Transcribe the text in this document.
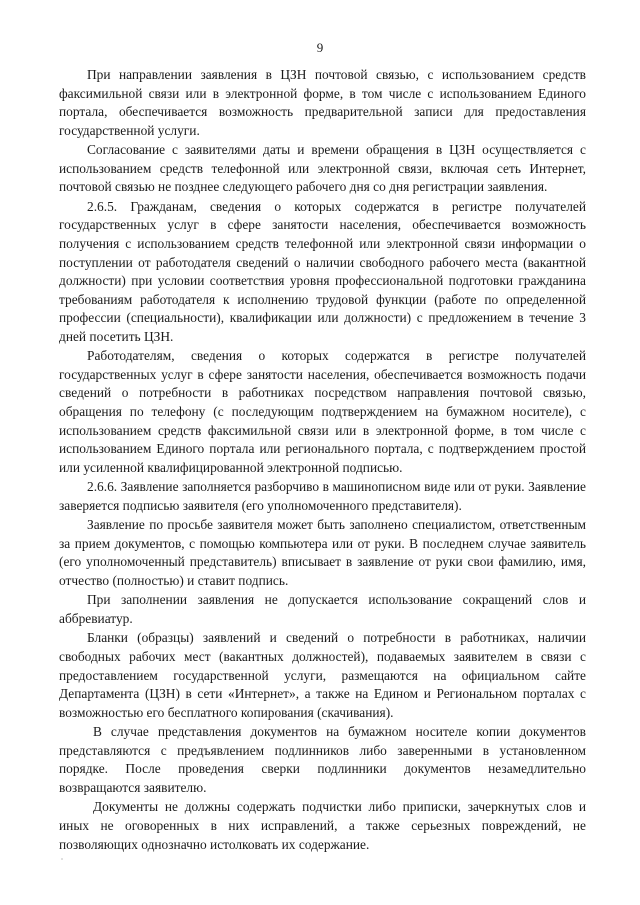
9

При направлении заявления в ЦЗН почтовой связью, с использованием средств факсимильной связи или в электронной форме, в том числе с использованием Единого портала, обеспечивается возможность предварительной записи для предоставления государственной услуги.

Согласование с заявителями даты и времени обращения в ЦЗН осуществляется с использованием средств телефонной или электронной связи, включая сеть Интернет, почтовой связью не позднее следующего рабочего дня со дня регистрации заявления.

2.6.5. Гражданам, сведения о которых содержатся в регистре получателей государственных услуг в сфере занятости населения, обеспечивается возможность получения с использованием средств телефонной или электронной связи информации о поступлении от работодателя сведений о наличии свободного рабочего места (вакантной должности) при условии соответствия уровня профессиональной подготовки гражданина требованиям работодателя к исполнению трудовой функции (работе по определенной профессии (специальности), квалификации или должности) с предложением в течение 3 дней посетить ЦЗН.

Работодателям, сведения о которых содержатся в регистре получателей государственных услуг в сфере занятости населения, обеспечивается возможность подачи сведений о потребности в работниках посредством направления почтовой связью, обращения по телефону (с последующим подтверждением на бумажном носителе), с использованием средств факсимильной связи или в электронной форме, в том числе с использованием Единого портала или регионального портала, с подтверждением простой или усиленной квалифицированной электронной подписью.

2.6.6. Заявление заполняется разборчиво в машинописном виде или от руки. Заявление заверяется подписью заявителя (его уполномоченного представителя).

Заявление по просьбе заявителя может быть заполнено специалистом, ответственным за прием документов, с помощью компьютера или от руки. В последнем случае заявитель (его уполномоченный представитель) вписывает в заявление от руки свои фамилию, имя, отчество (полностью) и ставит подпись.

При заполнении заявления не допускается использование сокращений слов и аббревиатур.

Бланки (образцы) заявлений и сведений о потребности в работниках, наличии свободных рабочих мест (вакантных должностей), подаваемых заявителем в связи с предоставлением государственной услуги, размещаются на официальном сайте Департамента (ЦЗН) в сети «Интернет», а также на Едином и Региональном порталах с возможностью его бесплатного копирования (скачивания).

В случае представления документов на бумажном носителе копии документов представляются с предъявлением подлинников либо заверенными в установленном порядке. После проведения сверки подлинники документов незамедлительно возвращаются заявителю.

Документы не должны содержать подчистки либо приписки, зачеркнутых слов и иных не оговоренных в них исправлений, а также серьезных повреждений, не позволяющих однозначно истолковать их содержание.
